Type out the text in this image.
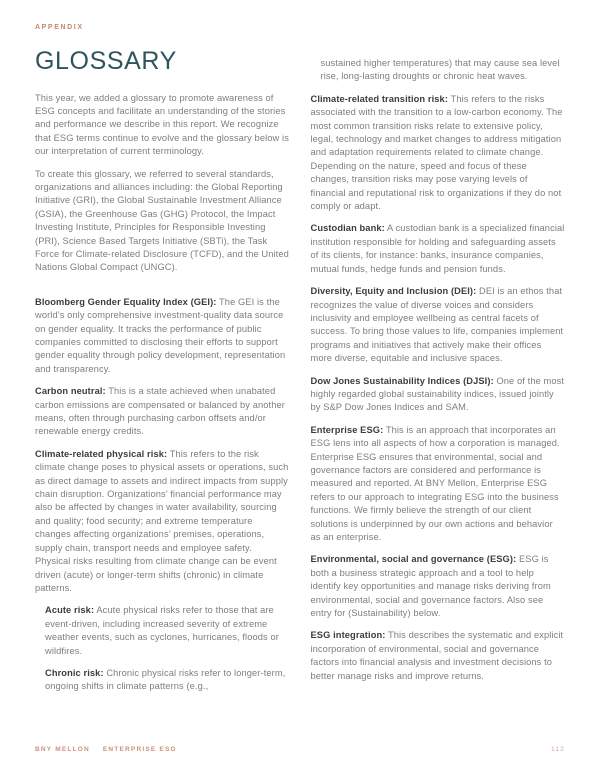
APPENDIX
GLOSSARY

This year, we added a glossary to promote awareness of ESG concepts and facilitate an understanding of the stories and performance we describe in this report. We recognize that ESG terms continue to evolve and the glossary below is our interpretation of current terminology.

To create this glossary, we referred to several standards, organizations and alliances including: the Global Reporting Initiative (GRI), the Global Sustainable Investment Alliance (GSIA), the Greenhouse Gas (GHG) Protocol, the Impact Investing Institute, Principles for Responsible Investing (PRI), Science Based Targets Initiative (SBTi), the Task Force for Climate-related Disclosure (TCFD), and the United Nations Global Compact (UNGC).

Bloomberg Gender Equality Index (GEI): The GEI is the world’s only comprehensive investment-quality data source on gender equality. It tracks the performance of public companies committed to disclosing their efforts to support gender equality through policy development, representation and transparency.

Carbon neutral: This is a state achieved when unabated carbon emissions are compensated or balanced by another means, often through purchasing carbon offsets and/or renewable energy credits.

Climate-related physical risk: This refers to the risk climate change poses to physical assets or operations, such as direct damage to assets and indirect impacts from supply chain disruption. Organizations’ financial performance may also be affected by changes in water availability, sourcing and quality; food security; and extreme temperature changes affecting organizations’ premises, operations, supply chain, transport needs and employee safety. Physical risks resulting from climate change can be event driven (acute) or longer-term shifts (chronic) in climate patterns.

Acute risk: Acute physical risks refer to those that are event-driven, including increased severity of extreme weather events, such as cyclones, hurricanes, floods or wildfires.

Chronic risk: Chronic physical risks refer to longer-term, ongoing shifts in climate patterns (e.g.,

sustained higher temperatures) that may cause sea level rise, long-lasting droughts or chronic heat waves.

Climate-related transition risk: This refers to the risks associated with the transition to a low-carbon economy. The most common transition risks relate to extensive policy, legal, technology and market changes to address mitigation and adaptation requirements related to climate change. Depending on the nature, speed and focus of these changes, transition risks may pose varying levels of financial and reputational risk to organizations if they do not comply or adapt.

Custodian bank: A custodian bank is a specialized financial institution responsible for holding and safeguarding assets of its clients, for instance: banks, insurance companies, mutual funds, hedge funds and pension funds.

Diversity, Equity and Inclusion (DEI): DEI is an ethos that recognizes the value of diverse voices and considers inclusivity and employee wellbeing as central facets of success. To bring those values to life, companies implement programs and initiatives that actively make their offices more diverse, equitable and inclusive spaces.

Dow Jones Sustainability Indices (DJSI): One of the most highly regarded global sustainability indices, issued jointly by S&P Dow Jones Indices and SAM.

Enterprise ESG: This is an approach that incorporates an ESG lens into all aspects of how a corporation is managed. Enterprise ESG ensures that environmental, social and governance factors are considered and performance is measured and reported. At BNY Mellon, Enterprise ESG refers to our approach to integrating ESG into the business functions. We firmly believe the strength of our client solutions is underpinned by our own actions and behavior as an enterprise.

Environmental, social and governance (ESG): ESG is both a business strategic approach and a tool to help identify key opportunities and manage risks deriving from environmental, social and governance factors. Also see entry for (Sustainability) below.

ESG integration: This describes the systematic and explicit incorporation of environmental, social and governance factors into financial analysis and investment decisions to better manage risks and improve returns.

BNY MELLON ENTERPRISE ESG	112
